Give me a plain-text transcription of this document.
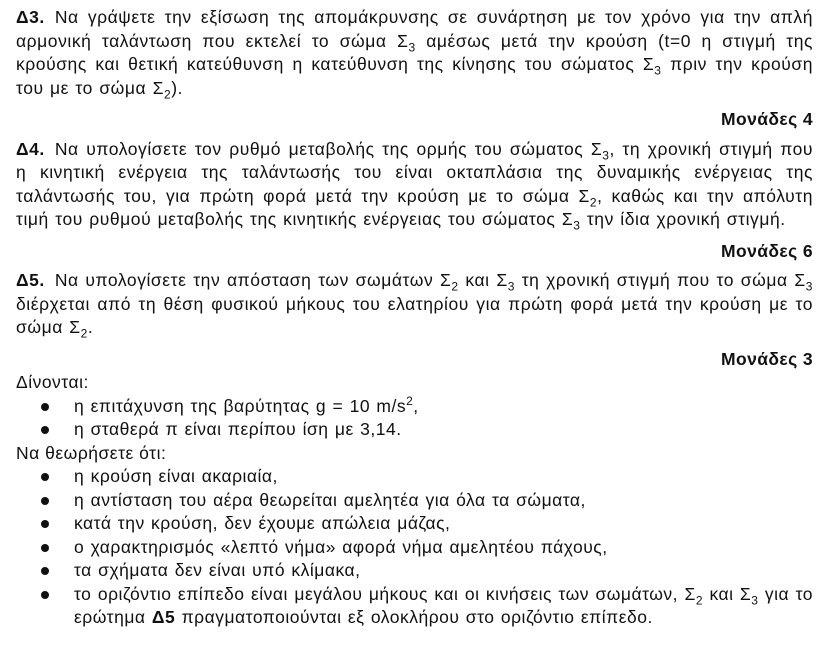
Δ3. Να γράψετε την εξίσωση της απομάκρυνσης σε συνάρτηση με τον χρόνο για την απλή αρμονική ταλάντωση που εκτελεί το σώμα $\Sigma_3$ αμέσως μετά την κρούση (t=0 η στιγμή της κρούσης και θετική κατεύθυνση η κατεύθυνση της κίνησης του σώματος $\Sigma_3$ πριν την κρούση του με το σώμα $\Sigma_2$).

Μονάδες 4

Δ4. Να υπολογίσετε τον ρυθμό μεταβολής της ορμής του σώματος $\Sigma_3$, τη χρονική στιγμή που η κινητική ενέργεια της ταλάντωσής του είναι οκταπλάσια της δυναμικής ενέργειας της ταλάντωσής του, για πρώτη φορά μετά την κρούση με το σώμα $\Sigma_2$, καθώς και την απόλυτη τιμή του ρυθμού μεταβολής της κινητικής ενέργειας του σώματος $\Sigma_3$ την ίδια χρονική στιγμή.

Μονάδες 6

Δ5. Να υπολογίσετε την απόσταση των σωμάτων $\Sigma_2$ και $\Sigma_3$ τη χρονική στιγμή που το σώμα $\Sigma_3$ διέρχεται από τη θέση φυσικού μήκους του ελατηρίου για πρώτη φορά μετά την κρούση με το σώμα $\Sigma_2$.

Μονάδες 3

Δίνονται:

η επιτάχυνση της βαρύτητας g = 10 $m/s^2$,
η σταθερά π είναι περίπου ίση με 3,14.

Να θεωρήσετε ότι:

η κρούση είναι ακαριαία,
η αντίσταση του αέρα θεωρείται αμελητέα για όλα τα σώματα,
κατά την κρούση, δεν έχουμε απώλεια μάζας,
ο χαρακτηρισμός «λεπτό νήμα» αφορά νήμα αμελητέου πάχους,
τα σχήματα δεν είναι υπό κλίμακα,
το οριζόντιο επίπεδο είναι μεγάλου μήκους και οι κινήσεις των σωμάτων, $\Sigma_2$ και $\Sigma_3$ για το ερώτημα Δ5 πραγματοποιούνται εξ ολοκλήρου στο οριζόντιο επίπεδο.
